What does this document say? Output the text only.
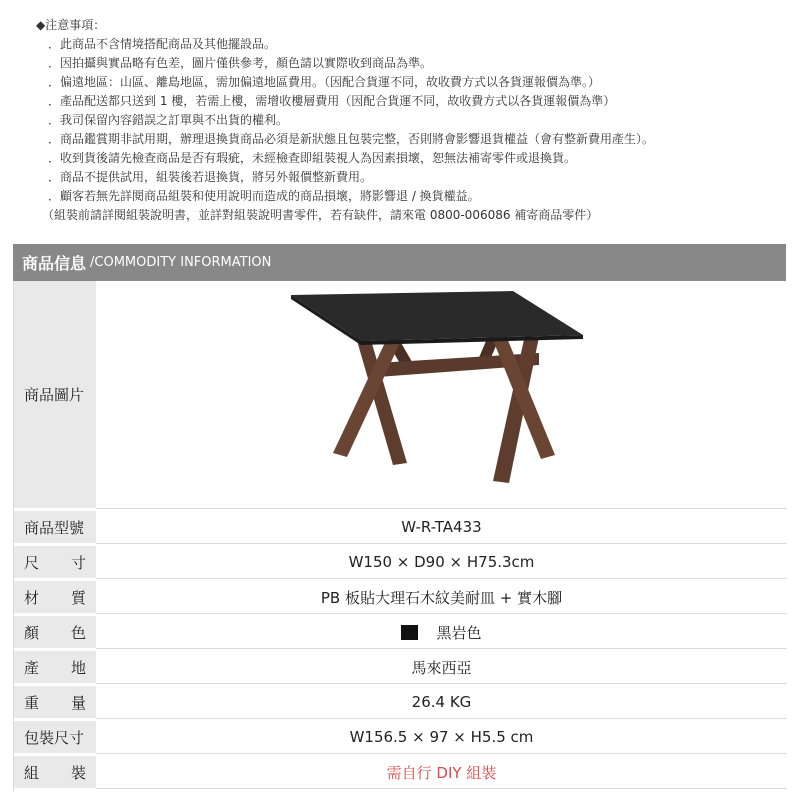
◆注意事項：
．此商品不含情境搭配商品及其他擺設品。
．因拍攝與實品略有色差，圖片僅供參考，顏色請以實際收到商品為準。
．偏遠地區：山區、離島地區，需加偏遠地區費用。（因配合貨運不同，故收費方式以各貨運報價為準。）
．產品配送都只送到 1 樓，若需上樓，需增收樓層費用（因配合貨運不同，故收費方式以各貨運報價為準）
．我司保留內容錯誤之訂單與不出貨的權利。
．商品鑑賞期非試用期，辦理退換貨商品必須是新狀態且包裝完整，否則將會影響退貨權益（會有整新費用產生）。
．收到貨後請先檢查商品是否有瑕疵，未經檢查即組裝視人為因素損壞，恕無法補寄零件或退換貨。
．商品不提供試用，組裝後若退換貨，將另外報價整新費用。
．顧客若無先詳閱商品組裝和使用說明而造成的商品損壞，將影響退 / 換貨權益。
（組裝前請詳閱組裝說明書，並詳對組裝說明書零件，若有缺件，請來電 0800-006086 補寄商品零件）
商品信息 /COMMODITY INFORMATION
商品圖片
商品型號	W-R-TA433
尺 寸	W150 × D90 × H75.3cm
材 質	PB 板貼大理石木紋美耐皿 + 實木腳
顏 色	黑岩色
產 地	馬來西亞
重 量	26.4 KG
包裝尺寸	W156.5 × 97 × H5.5 cm
組 裝	需自行 DIY 組裝
